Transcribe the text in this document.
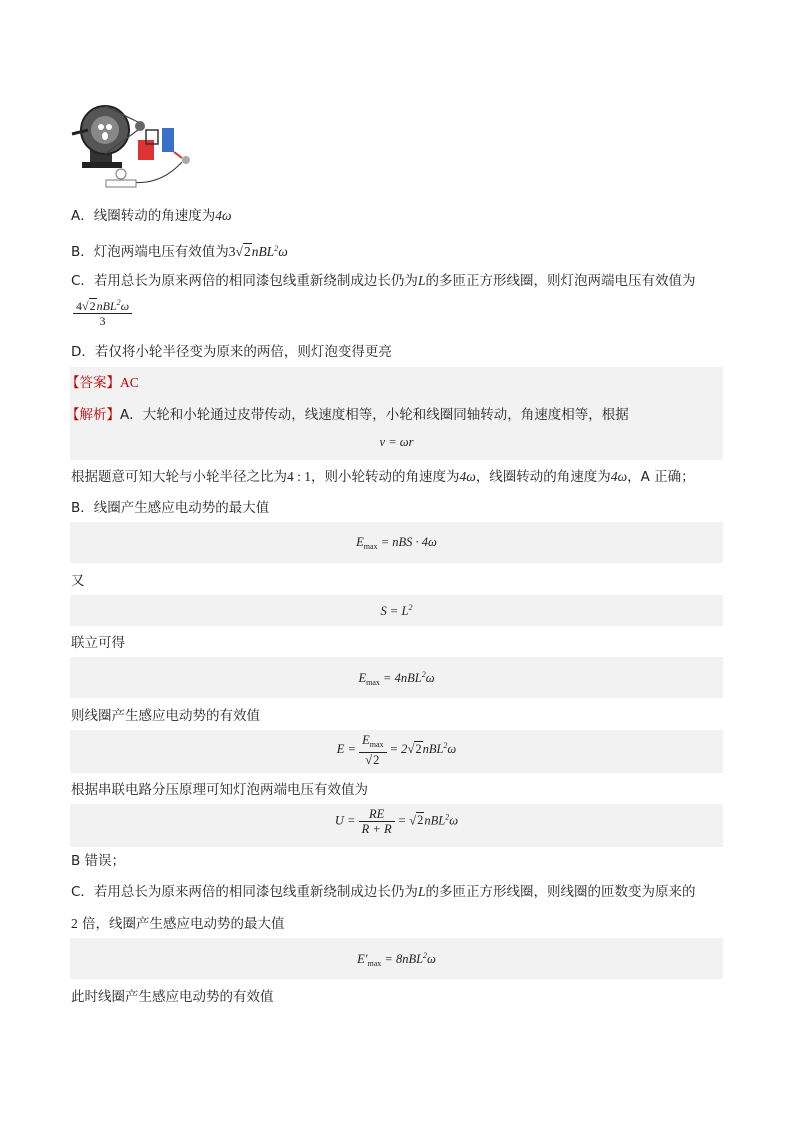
A．线圈转动的角速度为4ω
B．灯泡两端电压有效值为3√2nBL$^2$ω
C．若用总长为原来两倍的相同漆包线重新绕制成边长仍为L的多匝正方形线圈，则灯泡两端电压有效值为
$\frac{4√2nBL^2\omega}{3}$
D．若仅将小轮半径变为原来的两倍，则灯泡变得更亮
【答案】AC
【解析】A．大轮和小轮通过皮带传动，线速度相等，小轮和线圈同轴转动，角速度相等，根据
v = ωr
根据题意可知大轮与小轮半径之比为4 : 1，则小轮转动的角速度为4ω，线圈转动的角速度为4ω，A 正确；
B．线圈产生感应电动势的最大值
$E_{max}$ = nBS · 4ω
又
$S = L^2$
联立可得
$E_{max} = 4nBL^2\omega$
则线圈产生感应电动势的有效值
$E = \frac{E_{max}}{√2} = 2√2nBL^2\omega$
根据串联电路分压原理可知灯泡两端电压有效值为
$U = \frac{RE}{R + R} = √2nBL^2\omega$
B 错误；
C．若用总长为原来两倍的相同漆包线重新绕制成边长仍为L的多匝正方形线圈，则线圈的匝数变为原来的
2 倍，线圈产生感应电动势的最大值
$E'_{max} = 8nBL^2\omega$
此时线圈产生感应电动势的有效值
